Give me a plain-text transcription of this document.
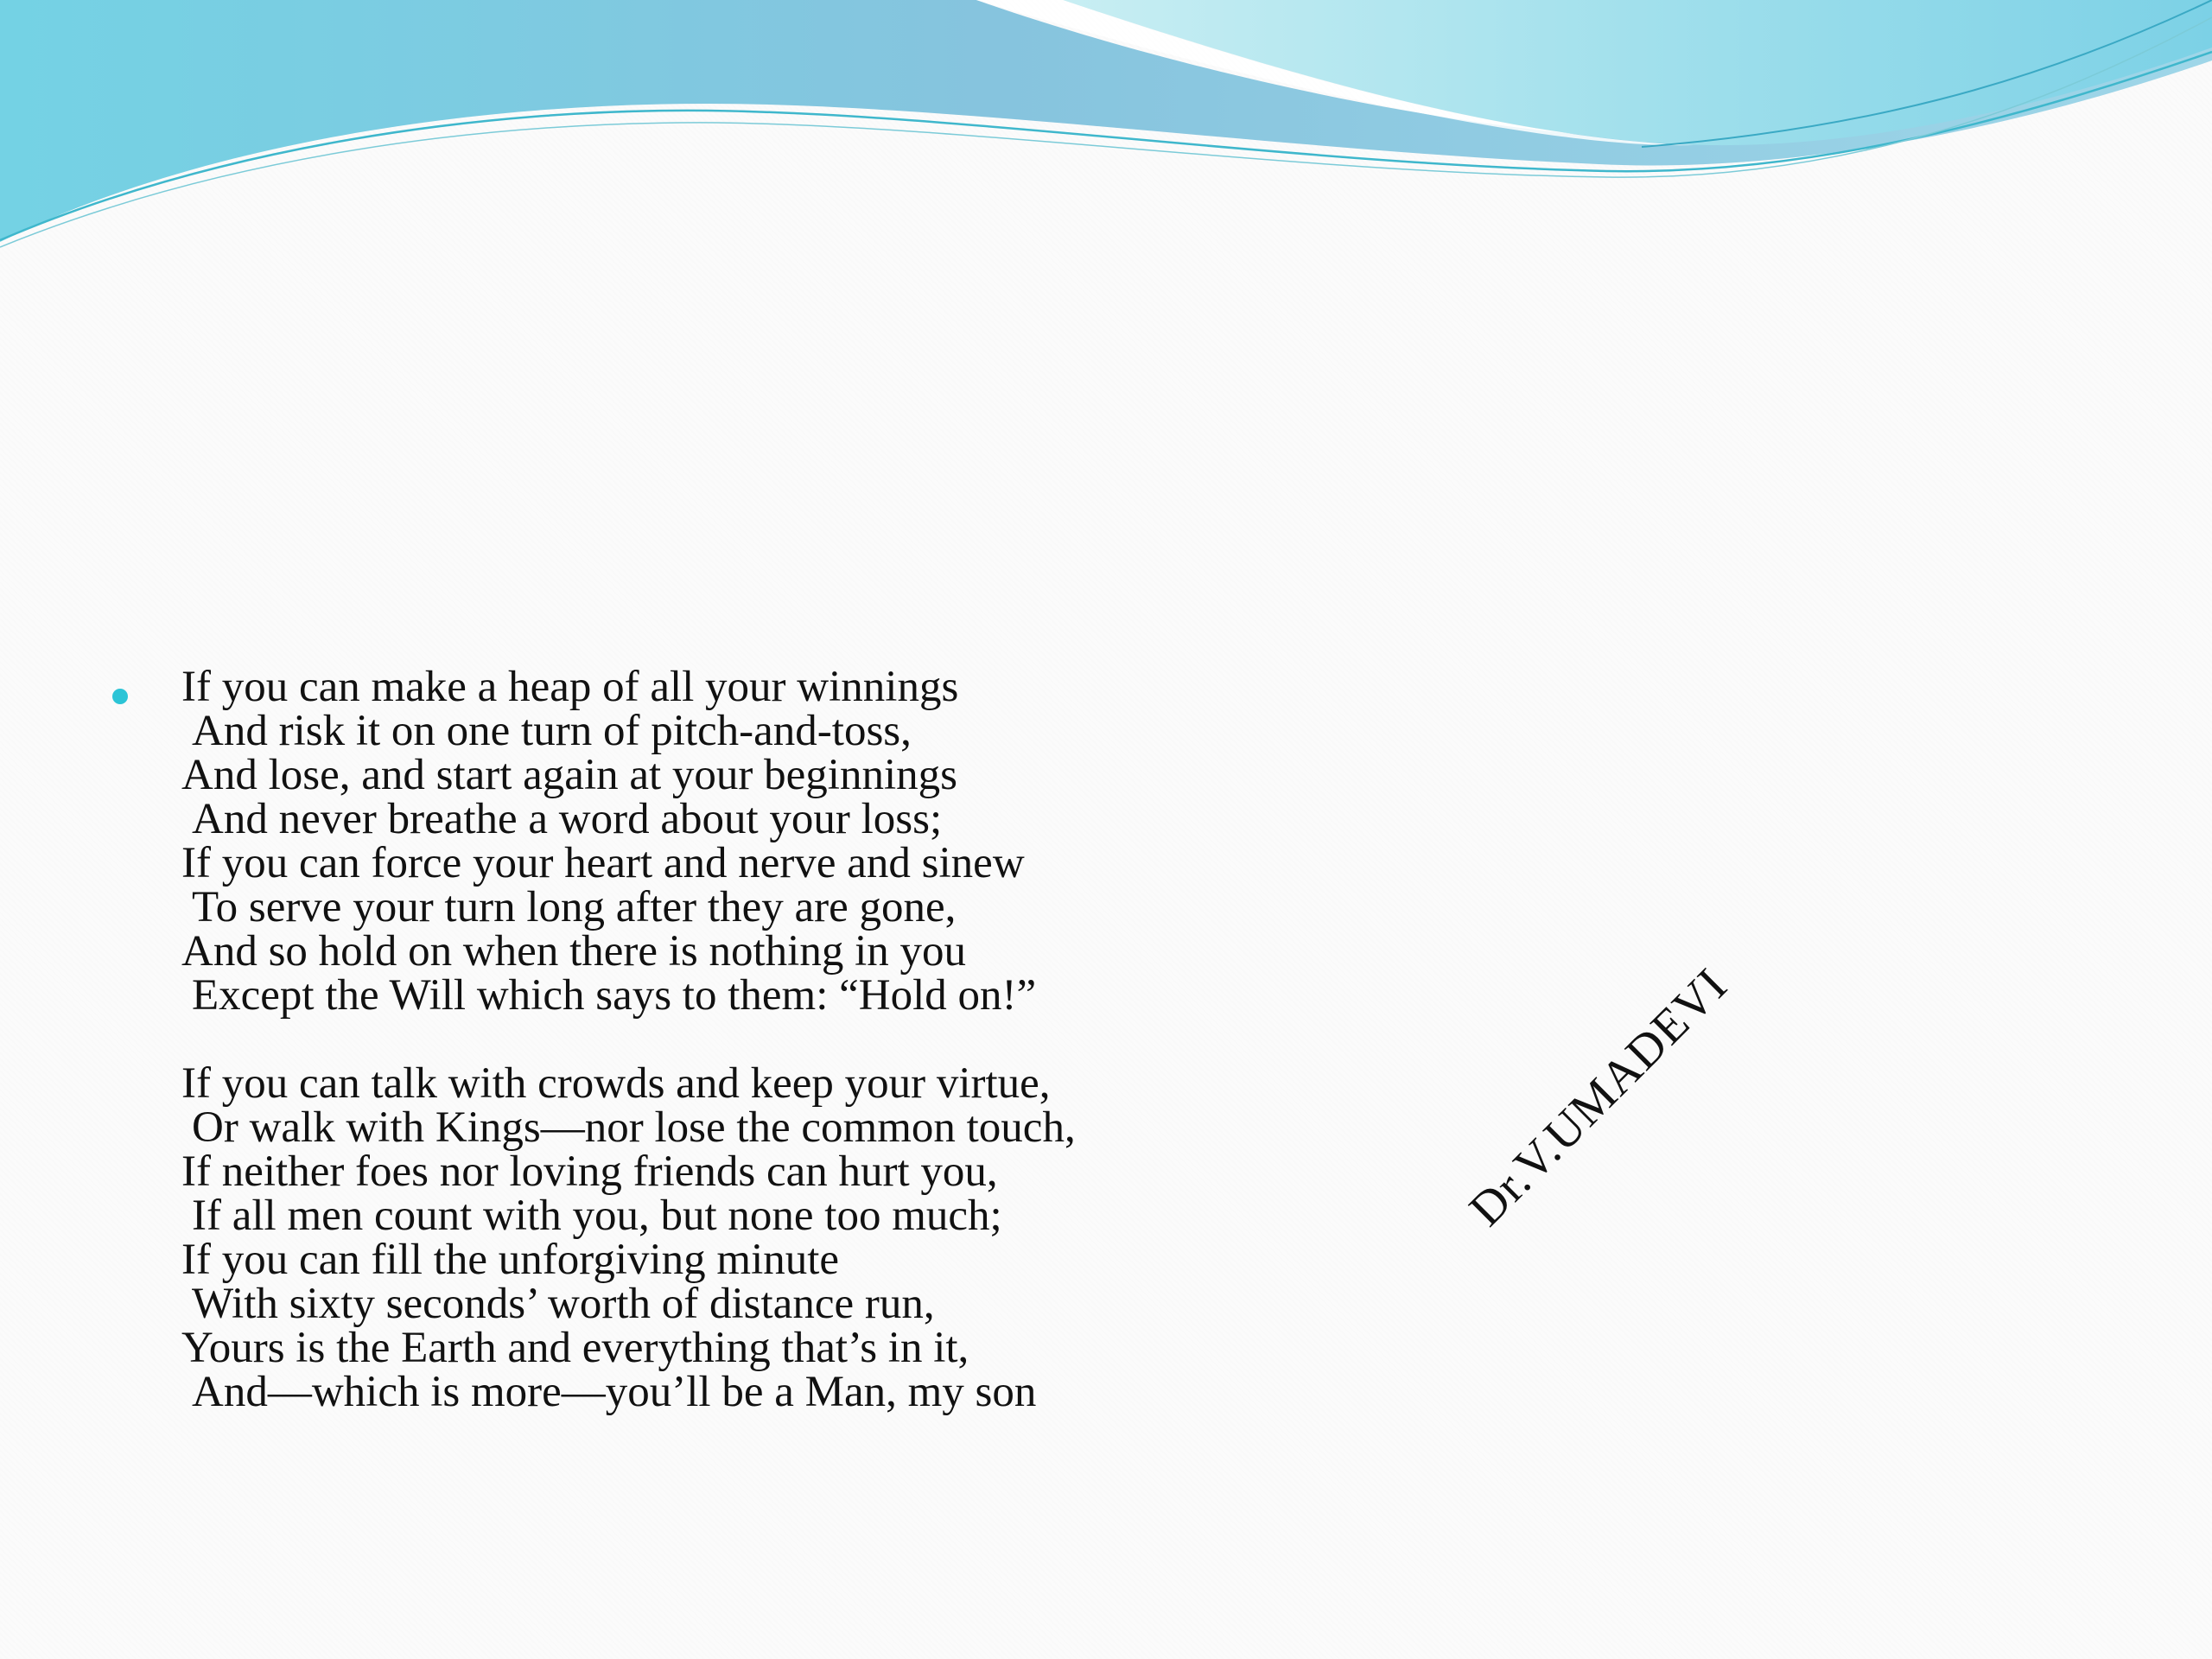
If you can make a heap of all your winnings
And risk it on one turn of pitch-and-toss,
And lose, and start again at your beginnings
And never breathe a word about your loss;
If you can force your heart and nerve and sinew
To serve your turn long after they are gone,
And so hold on when there is nothing in you
Except the Will which says to them: “Hold on!”
If you can talk with crowds and keep your virtue,
Or walk with Kings—nor lose the common touch,
If neither foes nor loving friends can hurt you,
If all men count with you, but none too much;
If you can fill the unforgiving minute
With sixty seconds’ worth of distance run,
Yours is the Earth and everything that’s in it,
And—which is more—you’ll be a Man, my son
Dr.V.UMADEVI
